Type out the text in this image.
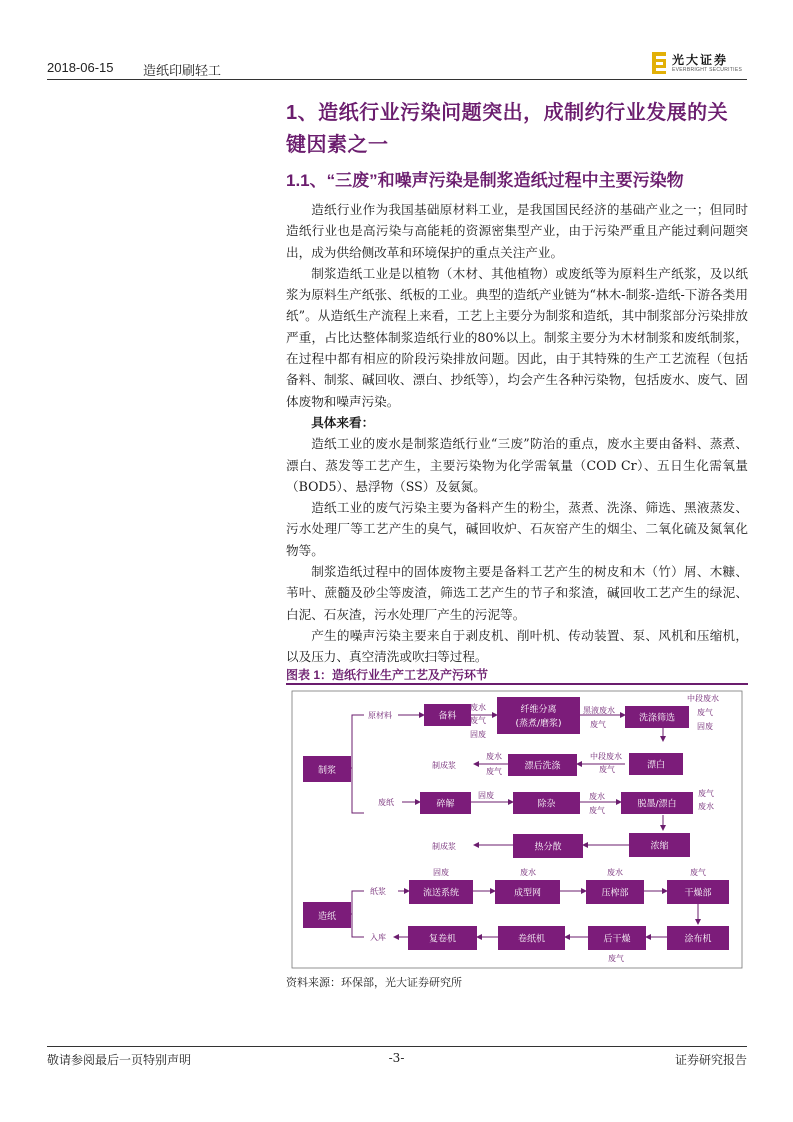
2018-06-15 造纸印刷轻工
光大证券
EVERBRIGHT SECURITIES
1、造纸行业污染问题突出，成制约行业发展的关键因素之一
1.1、“三废”和噪声污染是制浆造纸过程中主要污染物

造纸行业作为我国基础原材料工业，是我国国民经济的基础产业之一；但同时造纸行业也是高污染与高能耗的资源密集型产业，由于污染严重且产能过剩问题突出，成为供给侧改革和环境保护的重点关注产业。

制浆造纸工业是以植物（木材、其他植物）或废纸等为原料生产纸浆，及以纸浆为原料生产纸张、纸板的工业。典型的造纸产业链为“林木-制浆-造纸-下游各类用纸”。从造纸生产流程上来看，工艺上主要分为制浆和造纸，其中制浆部分污染排放严重，占比达整体制浆造纸行业的80%以上。制浆主要分为木材制浆和废纸制浆，在过程中都有相应的阶段污染排放问题。因此，由于其特殊的生产工艺流程（包括备料、制浆、碱回收、漂白、抄纸等），均会产生各种污染物，包括废水、废气、固体废物和噪声污染。

具体来看：

造纸工业的废水是制浆造纸行业“三废”防治的重点，废水主要由备料、蒸煮、漂白、蒸发等工艺产生，主要污染物为化学需氧量（COD Cr）、五日生化需氧量（BOD5）、悬浮物（SS）及氨氮。

造纸工业的废气污染主要为备料产生的粉尘，蒸煮、洗涤、筛选、黑液蒸发、污水处理厂等工艺产生的臭气，碱回收炉、石灰窑产生的烟尘、二氧化硫及氮氧化物等。

制浆造纸过程中的固体废物主要是备料工艺产生的树皮和木（竹）屑、木糠、苇叶、蔗髓及砂尘等废渣，筛选工艺产生的节子和浆渣，碱回收工艺产生的绿泥、白泥、石灰渣，污水处理厂产生的污泥等。

产生的噪声污染主要来自于剥皮机、削叶机、传动装置、泵、风机和压缩机，以及压力、真空清洗或吹扫等过程。

图表 1：造纸行业生产工艺及产污环节
制浆
备料
纤维分离
(蒸煮/磨浆)
洗涤筛选
漂白
漂后洗涤
碎解	除杂	脱墨/漂白
浓缩
热分散
造纸
流送系统	成型网	压榨部	干燥部
涂布机
后干燥
卷纸机
复卷机
原材料
废纸
制成浆
制成浆
纸浆
入库
废水
废气
固废
黑液废水
废气
中段废水
废气
固废
中段废水
废气
废水
废气
固废	废水
废气
废气
废水
固废	废水	废水	废气
废气
资料来源：环保部，光大证券研究所
敬请参阅最后一页特别声明	-3-	证券研究报告
